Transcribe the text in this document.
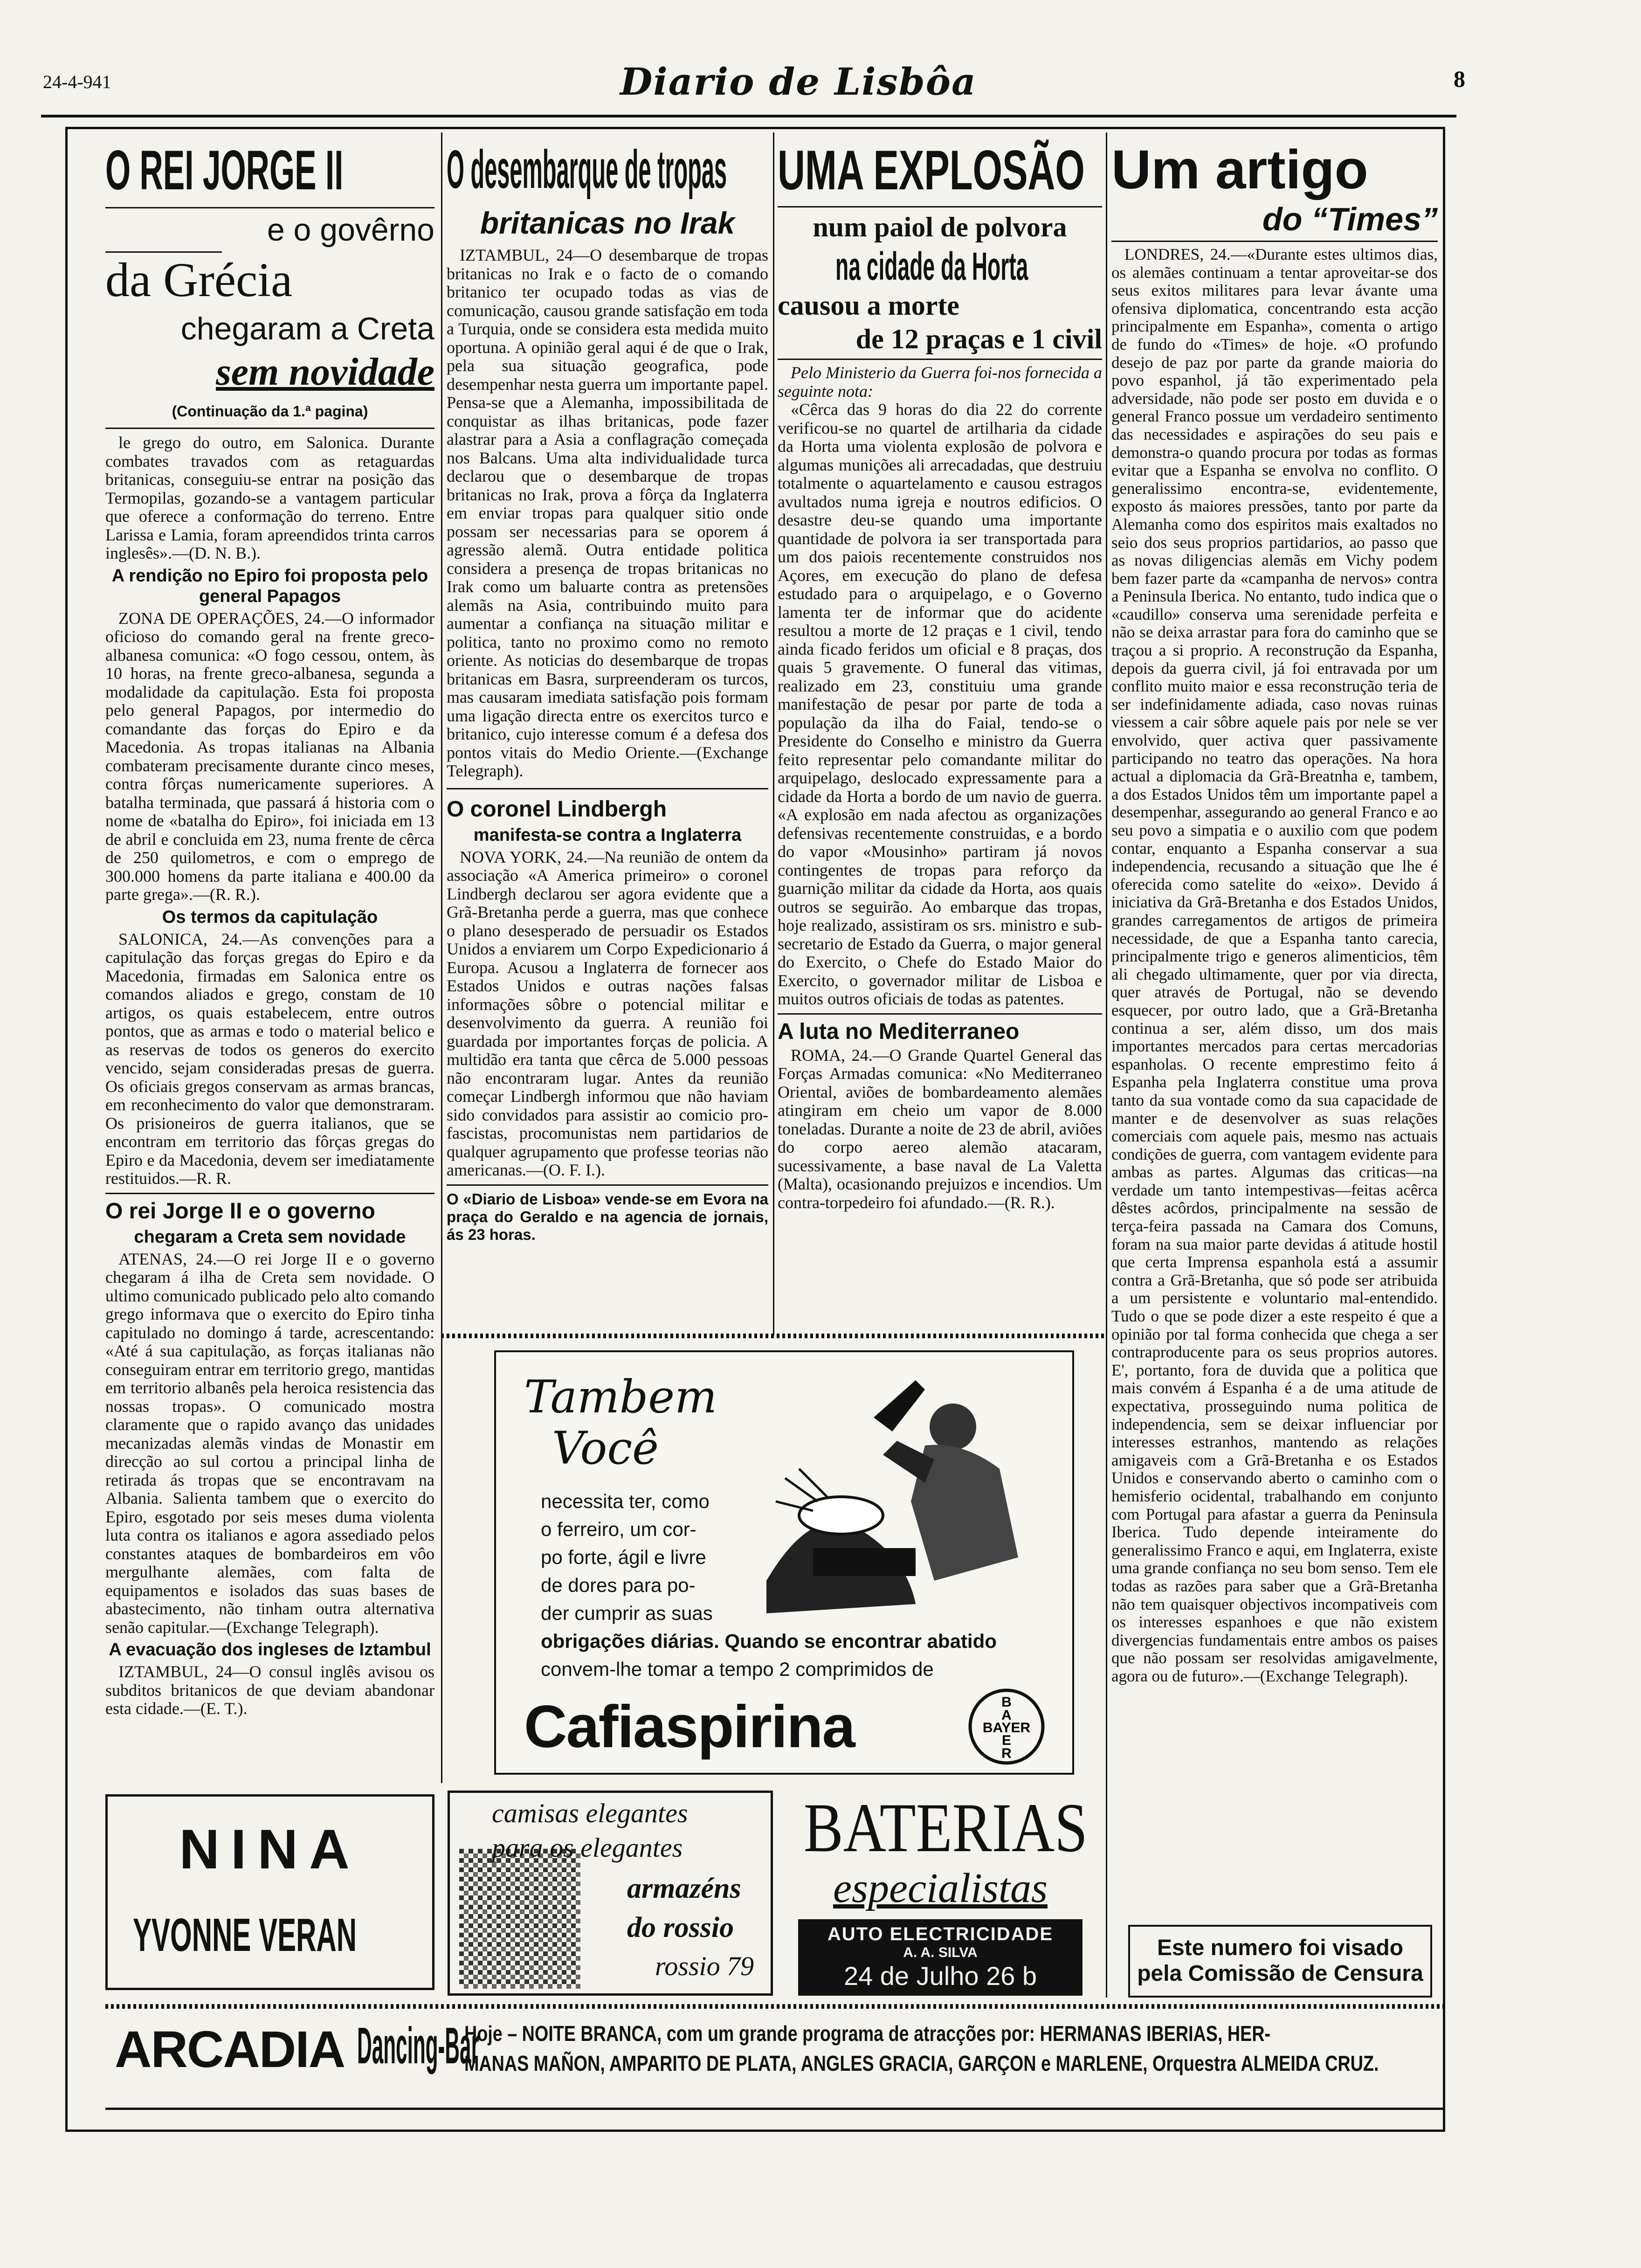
24-4-941	Diario de Lisbôa	8
O REI JORGE II
e o govêrno
da Grécia
chegaram a Creta
sem novidade
(Continuação da 1.ª pagina)

le grego do outro, em Salonica. Durante combates travados com as retaguardas britanicas, conseguiu-se entrar na posição das Termopilas, gozando-se a vantagem particular que oferece a conformação do terreno. Entre Larissa e Lamia, foram apreendidos trinta carros inglesês».—(D. N. B.).

A rendição no Epiro foi proposta pelo general Papagos

ZONA DE OPERAÇÕES, 24.—O informador oficioso do comando geral na frente greco-albanesa comunica: «O fogo cessou, ontem, às 10 horas, na frente greco-albanesa, segunda a modalidade da capitulação. Esta foi proposta pelo general Papagos, por intermedio do comandante das forças do Epiro e da Macedonia. As tropas italianas na Albania combateram precisamente durante cinco meses, contra fôrças numericamente superiores. A batalha terminada, que passará á historia com o nome de «batalha do Epiro», foi iniciada em 13 de abril e concluida em 23, numa frente de cêrca de 250 quilometros, e com o emprego de 300.000 homens da parte italiana e 400.00 da parte grega».—(R. R.).

Os termos da capitulação

SALONICA, 24.—As convenções para a capitulação das forças gregas do Epiro e da Macedonia, firmadas em Salonica entre os comandos aliados e grego, constam de 10 artigos, os quais estabelecem, entre outros pontos, que as armas e todo o material belico e as reservas de todos os generos do exercito vencido, sejam consideradas presas de guerra. Os oficiais gregos conservam as armas brancas, em reconhecimento do valor que demonstraram. Os prisioneiros de guerra italianos, que se encontram em territorio das fôrças gregas do Epiro e da Macedonia, devem ser imediatamente restituidos.—R. R.

O rei Jorge II e o governo
chegaram a Creta sem novidade

ATENAS, 24.—O rei Jorge II e o governo chegaram á ilha de Creta sem novidade. O ultimo comunicado publicado pelo alto comando grego informava que o exercito do Epiro tinha capitulado no domingo á tarde, acrescentando: «Até á sua capitulação, as forças italianas não conseguiram entrar em territorio grego, mantidas em territorio albanês pela heroica resistencia das nossas tropas». O comunicado mostra claramente que o rapido avanço das unidades mecanizadas alemãs vindas de Monastir em direcção ao sul cortou a principal linha de retirada ás tropas que se encontravam na Albania. Salienta tambem que o exercito do Epiro, esgotado por seis meses duma violenta luta contra os italianos e agora assediado pelos constantes ataques de bombardeiros em vôo mergulhante alemães, com falta de equipamentos e isolados das suas bases de abastecimento, não tinham outra alternativa senão capitular.—(Exchange Telegraph).

A evacuação dos ingleses de Iztambul

IZTAMBUL, 24—O consul inglês avisou os subditos britanicos de que deviam abandonar esta cidade.—(E. T.).

O desembarque de tropas
britanicas no Irak

IZTAMBUL, 24—O desembarque de tropas britanicas no Irak e o facto de o comando britanico ter ocupado todas as vias de comunicação, causou grande satisfação em toda a Turquia, onde se considera esta medida muito oportuna. A opinião geral aqui é de que o Irak, pela sua situação geografica, pode desempenhar nesta guerra um importante papel. Pensa-se que a Alemanha, impossibilitada de conquistar as ilhas britanicas, pode fazer alastrar para a Asia a conflagração começada nos Balcans. Uma alta individualidade turca declarou que o desembarque de tropas britanicas no Irak, prova a fôrça da Inglaterra em enviar tropas para qualquer sitio onde possam ser necessarias para se oporem á agressão alemã. Outra entidade politica considera a presença de tropas britanicas no Irak como um baluarte contra as pretensões alemãs na Asia, contribuindo muito para aumentar a confiança na situação militar e politica, tanto no proximo como no remoto oriente. As noticias do desembarque de tropas britanicas em Basra, surpreenderam os turcos, mas causaram imediata satisfação pois formam uma ligação directa entre os exercitos turco e britanico, cujo interesse comum é a defesa dos pontos vitais do Medio Oriente.—(Exchange Telegraph).

O coronel Lindbergh
manifesta-se contra a Inglaterra

NOVA YORK, 24.—Na reunião de ontem da associação «A America primeiro» o coronel Lindbergh declarou ser agora evidente que a Grã-Bretanha perde a guerra, mas que conhece o plano desesperado de persuadir os Estados Unidos a enviarem um Corpo Expedicionario á Europa. Acusou a Inglaterra de fornecer aos Estados Unidos e outras nações falsas informações sôbre o potencial militar e desenvolvimento da guerra. A reunião foi guardada por importantes forças de policia. A multidão era tanta que cêrca de 5.000 pessoas não encontraram lugar. Antes da reunião começar Lindbergh informou que não haviam sido convidados para assistir ao comicio pro-fascistas, procomunistas nem partidarios de qualquer agrupamento que professe teorias não americanas.—(O. F. I.).

O «Diario de Lisboa» vende-se em Evora na praça do Geraldo e na agencia de jornais, ás 23 horas.
UMA EXPLOSÃO
num paiol de polvora
na cidade da Horta
causou a morte
de 12 praças e 1 civil

Pelo Ministerio da Guerra foi-nos fornecida a seguinte nota:

«Cêrca das 9 horas do dia 22 do corrente verificou-se no quartel de artilharia da cidade da Horta uma violenta explosão de polvora e algumas munições ali arrecadadas, que destruiu totalmente o aquartelamento e causou estragos avultados numa igreja e noutros edificios. O desastre deu-se quando uma importante quantidade de polvora ia ser transportada para um dos paiois recentemente construidos nos Açores, em execução do plano de defesa estudado para o arquipelago, e o Governo lamenta ter de informar que do acidente resultou a morte de 12 praças e 1 civil, tendo ainda ficado feridos um oficial e 8 praças, dos quais 5 gravemente. O funeral das vitimas, realizado em 23, constituiu uma grande manifestação de pesar por parte de toda a população da ilha do Faial, tendo-se o Presidente do Conselho e ministro da Guerra feito representar pelo comandante militar do arquipelago, deslocado expressamente para a cidade da Horta a bordo de um navio de guerra. «A explosão em nada afectou as organizações defensivas recentemente construidas, e a bordo do vapor «Mousinho» partiram já novos contingentes de tropas para reforço da guarnição militar da cidade da Horta, aos quais outros se seguirão. Ao embarque das tropas, hoje realizado, assistiram os srs. ministro e sub-secretario de Estado da Guerra, o major general do Exercito, o Chefe do Estado Maior do Exercito, o governador militar de Lisboa e muitos outros oficiais de todas as patentes.

A luta no Mediterraneo

ROMA, 24.—O Grande Quartel General das Forças Armadas comunica: «No Mediterraneo Oriental, aviões de bombardeamento alemães atingiram em cheio um vapor de 8.000 toneladas. Durante a noite de 23 de abril, aviões do corpo aereo alemão atacaram, sucessivamente, a base naval de La Valetta (Malta), ocasionando prejuizos e incendios. Um contra-torpedeiro foi afundado.—(R. R.).

Um artigo
do “Times”

LONDRES, 24.—«Durante estes ultimos dias, os alemães continuam a tentar aproveitar-se dos seus exitos militares para levar ávante uma ofensiva diplomatica, concentrando esta acção principalmente em Espanha», comenta o artigo de fundo do «Times» de hoje. «O profundo desejo de paz por parte da grande maioria do povo espanhol, já tão experimentado pela adversidade, não pode ser posto em duvida e o general Franco possue um verdadeiro sentimento das necessidades e aspirações do seu pais e demonstra-o quando procura por todas as formas evitar que a Espanha se envolva no conflito. O generalissimo encontra-se, evidentemente, exposto ás maiores pressões, tanto por parte da Alemanha como dos espiritos mais exaltados no seio dos seus proprios partidarios, ao passo que as novas diligencias alemãs em Vichy podem bem fazer parte da «campanha de nervos» contra a Peninsula Iberica. No entanto, tudo indica que o «caudillo» conserva uma serenidade perfeita e não se deixa arrastar para fora do caminho que se traçou a si proprio. A reconstrução da Espanha, depois da guerra civil, já foi entravada por um conflito muito maior e essa reconstrução teria de ser indefinidamente adiada, caso novas ruinas viessem a cair sôbre aquele pais por nele se ver envolvido, quer activa quer passivamente participando no teatro das operações. Na hora actual a diplomacia da Grã-Breatnha e, tambem, a dos Estados Unidos têm um importante papel a desempenhar, assegurando ao general Franco e ao seu povo a simpatia e o auxilio com que podem contar, enquanto a Espanha conservar a sua independencia, recusando a situação que lhe é oferecida como satelite do «eixo». Devido á iniciativa da Grã-Bretanha e dos Estados Unidos, grandes carregamentos de artigos de primeira necessidade, de que a Espanha tanto carecia, principalmente trigo e generos alimenticios, têm ali chegado ultimamente, quer por via directa, quer através de Portugal, não se devendo esquecer, por outro lado, que a Grã-Bretanha continua a ser, além disso, um dos mais importantes mercados para certas mercadorias espanholas. O recente emprestimo feito á Espanha pela Inglaterra constitue uma prova tanto da sua vontade como da sua capacidade de manter e de desenvolver as suas relações comerciais com aquele pais, mesmo nas actuais condições de guerra, com vantagem evidente para ambas as partes. Algumas das criticas—na verdade um tanto intempestivas—feitas acêrca dêstes acôrdos, principalmente na sessão de terça-feira passada na Camara dos Comuns, foram na sua maior parte devidas á atitude hostil que certa Imprensa espanhola está a assumir contra a Grã-Bretanha, que só pode ser atribuida a um persistente e voluntario mal-entendido. Tudo o que se pode dizer a este respeito é que a opinião por tal forma conhecida que chega a ser contraproducente para os seus proprios autores. E', portanto, fora de duvida que a politica que mais convém á Espanha é a de uma atitude de expectativa, prosseguindo numa politica de independencia, sem se deixar influenciar por interesses estranhos, mantendo as relações amigaveis com a Grã-Bretanha e os Estados Unidos e conservando aberto o caminho com o hemisferio ocidental, trabalhando em conjunto com Portugal para afastar a guerra da Peninsula Iberica. Tudo depende inteiramente do generalissimo Franco e aqui, em Inglaterra, existe uma grande confiança no seu bom senso. Tem ele todas as razões para saber que a Grã-Bretanha não tem quaisquer objectivos incompativeis com os interesses espanhoes e que não existem divergencias fundamentais entre ambos os paises que não possam ser resolvidas amigavelmente, agora ou de futuro».—(Exchange Telegraph).

Este numero foi visado
pela Comissão de Censura
Tambem
Você
necessita ter, como
o ferreiro, um cor-
po forte, ágil e livre
de dores para po-
der cumprir as suas
obrigações diárias. Quando se encontrar abatido
convem-lhe tomar a tempo 2 comprimidos de
Cafiaspirina	B
A
BAYER
E
R
NINA
YVONNE VERAN
camisas elegantes
para os elegantes
armazéns
do rossio
rossio 79
BATERIAS
especialistas
AUTO ELECTRICIDADE
A. A. SILVA
24 de Julho 26 b
ARCADIA Dancing-Bar
Hoje – NOITE BRANCA, com um grande programa de atracções por: HERMANAS IBERIAS, HER-
MANAS MAÑON, AMPARITO DE PLATA, ANGLES GRACIA, GARÇON e MARLENE, Orquestra ALMEIDA CRUZ.
